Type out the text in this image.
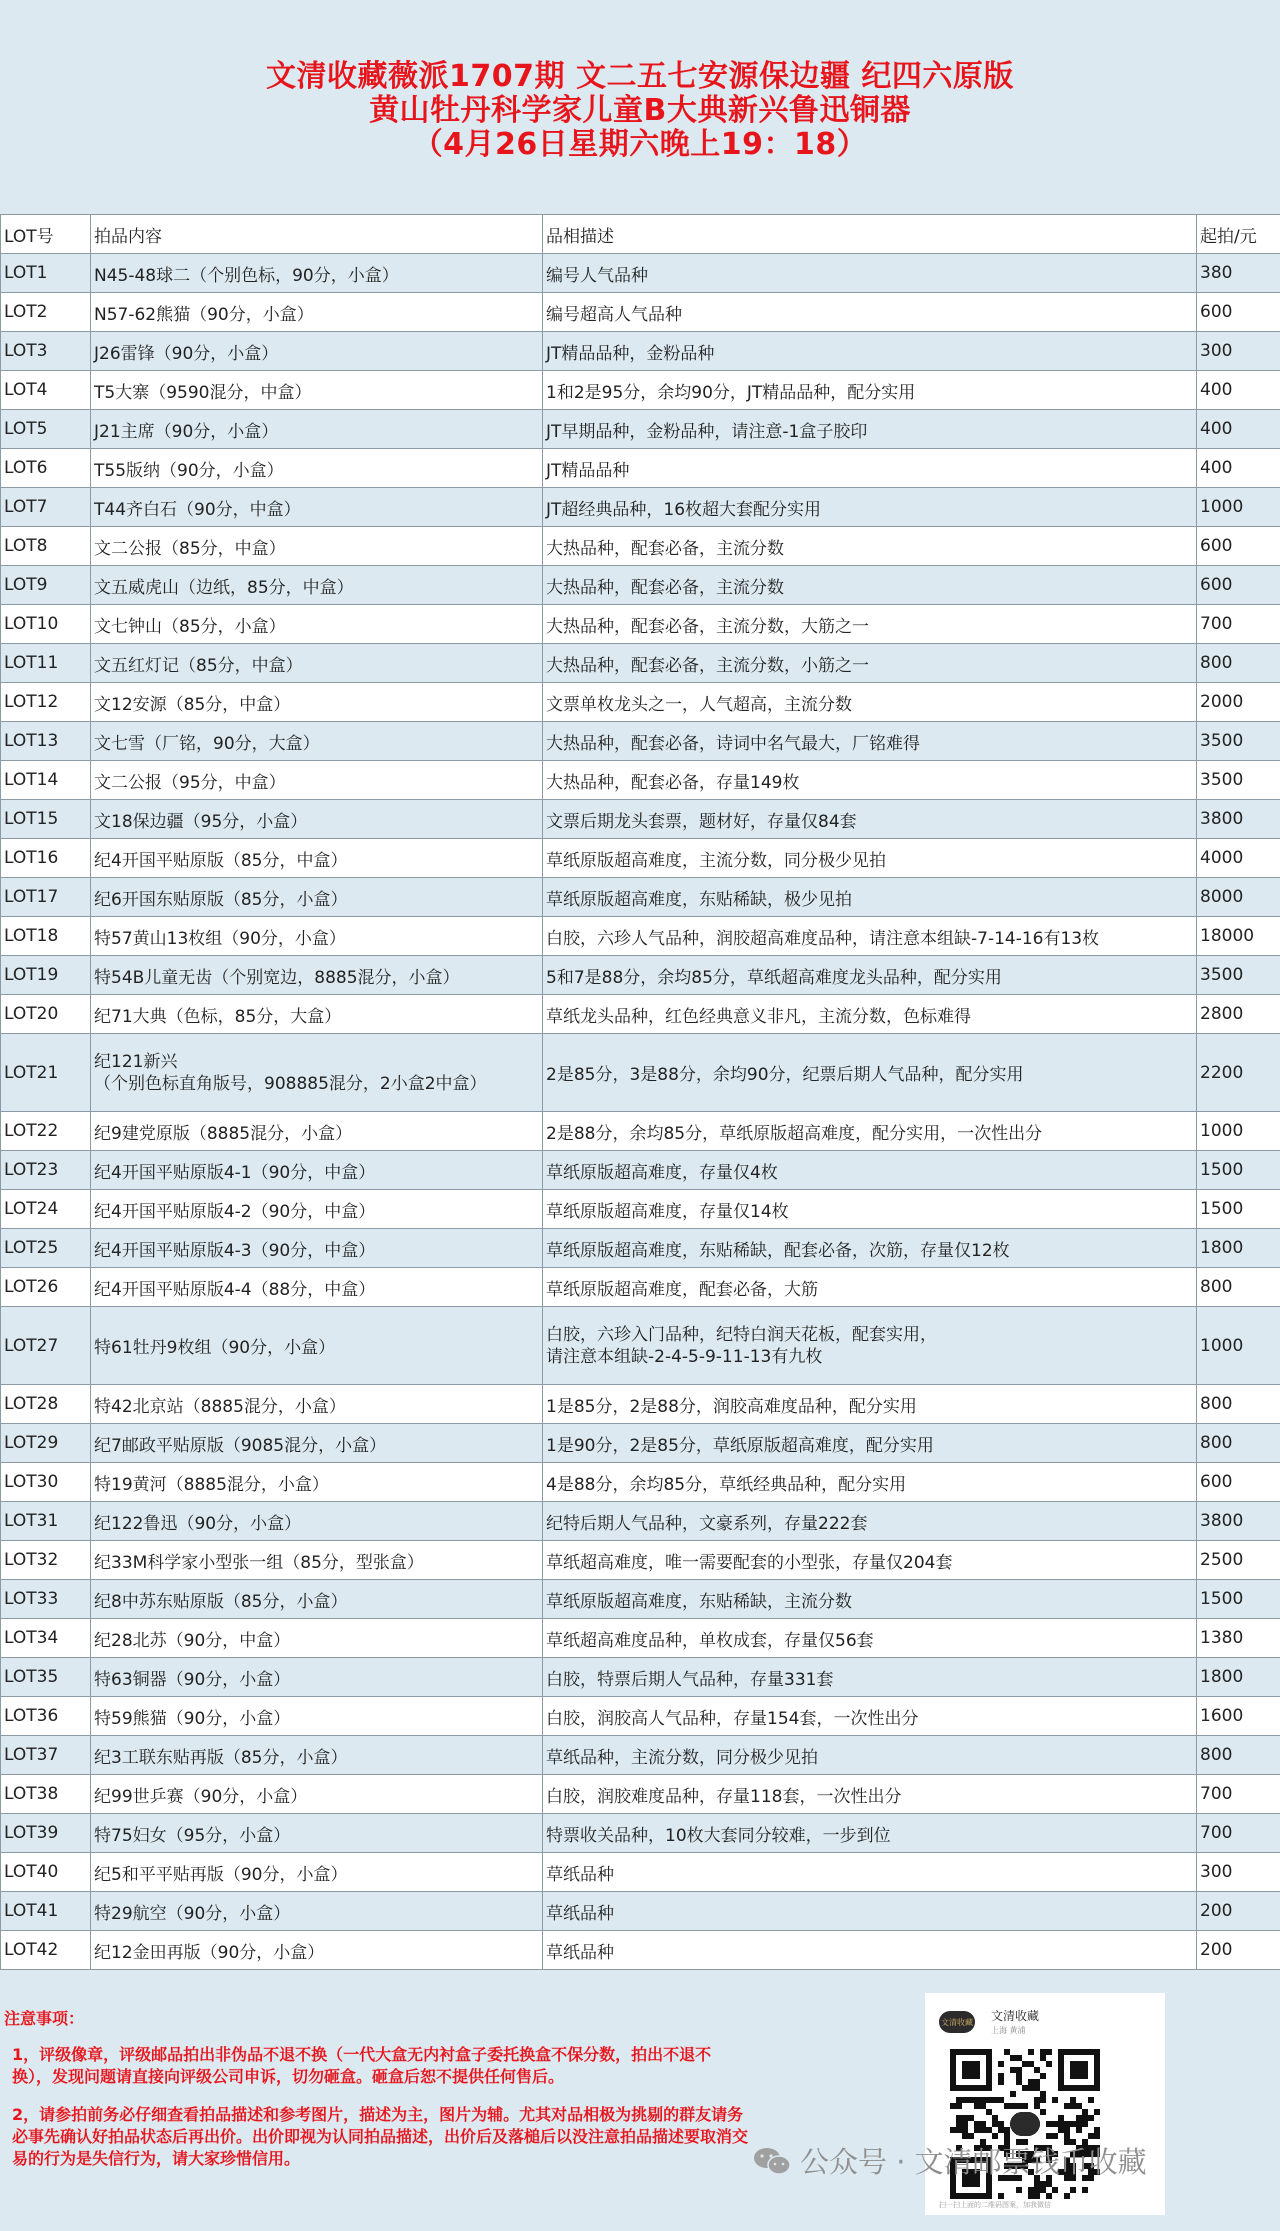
文清收藏薇派1707期 文二五七安源保边疆 纪四六原版
黄山牡丹科学家儿童B大典新兴鲁迅铜器
（4月26日星期六晚上19：18）
LOT号	拍品内容	品相描述	起拍/元
LOT1	N45-48球二（个别色标，90分，小盒）	编号人气品种	380
LOT2	N57-62熊猫（90分，小盒）	编号超高人气品种	600
LOT3	J26雷锋（90分，小盒）	JT精品品种，金粉品种	300
LOT4	T5大寨（9590混分，中盒）	1和2是95分，余均90分，JT精品品种，配分实用	400
LOT5	J21主席（90分，小盒）	JT早期品种，金粉品种，请注意-1盒子胶印	400
LOT6	T55版纳（90分，小盒）	JT精品品种	400
LOT7	T44齐白石（90分，中盒）	JT超经典品种，16枚超大套配分实用	1000
LOT8	文二公报（85分，中盒）	大热品种，配套必备，主流分数	600
LOT9	文五威虎山（边纸，85分，中盒）	大热品种，配套必备，主流分数	600
LOT10	文七钟山（85分，小盒）	大热品种，配套必备，主流分数，大筋之一	700
LOT11	文五红灯记（85分，中盒）	大热品种，配套必备，主流分数，小筋之一	800
LOT12	文12安源（85分，中盒）	文票单枚龙头之一，人气超高，主流分数	2000
LOT13	文七雪（厂铭，90分，大盒）	大热品种，配套必备，诗词中名气最大，厂铭难得	3500
LOT14	文二公报（95分，中盒）	大热品种，配套必备，存量149枚	3500
LOT15	文18保边疆（95分，小盒）	文票后期龙头套票，题材好，存量仅84套	3800
LOT16	纪4开国平贴原版（85分，中盒）	草纸原版超高难度，主流分数，同分极少见拍	4000
LOT17	纪6开国东贴原版（85分，小盒）	草纸原版超高难度，东贴稀缺，极少见拍	8000
LOT18	特57黄山13枚组（90分，小盒）	白胶，六珍人气品种，润胶超高难度品种，请注意本组缺-7-14-16有13枚	18000
LOT19	特54B儿童无齿（个别宽边，8885混分，小盒）	5和7是88分，余均85分，草纸超高难度龙头品种，配分实用	3500
LOT20	纪71大典（色标，85分，大盒）	草纸龙头品种，红色经典意义非凡，主流分数，色标难得	2800
LOT21	纪121新兴
（个别色标直角版号，908885混分，2小盒2中盒）	2是85分，3是88分，余均90分，纪票后期人气品种，配分实用	2200
LOT22	纪9建党原版（8885混分，小盒）	2是88分，余均85分，草纸原版超高难度，配分实用，一次性出分	1000
LOT23	纪4开国平贴原版4-1（90分，中盒）	草纸原版超高难度，存量仅4枚	1500
LOT24	纪4开国平贴原版4-2（90分，中盒）	草纸原版超高难度，存量仅14枚	1500
LOT25	纪4开国平贴原版4-3（90分，中盒）	草纸原版超高难度，东贴稀缺，配套必备，次筋，存量仅12枚	1800
LOT26	纪4开国平贴原版4-4（88分，中盒）	草纸原版超高难度，配套必备，大筋	800
LOT27	特61牡丹9枚组（90分，小盒）	白胶，六珍入门品种，纪特白润天花板，配套实用，
请注意本组缺-2-4-5-9-11-13有九枚	1000
LOT28	特42北京站（8885混分，小盒）	1是85分，2是88分，润胶高难度品种，配分实用	800
LOT29	纪7邮政平贴原版（9085混分，小盒）	1是90分，2是85分，草纸原版超高难度，配分实用	800
LOT30	特19黄河（8885混分，小盒）	4是88分，余均85分，草纸经典品种，配分实用	600
LOT31	纪122鲁迅（90分，小盒）	纪特后期人气品种，文豪系列，存量222套	3800
LOT32	纪33M科学家小型张一组（85分，型张盒）	草纸超高难度，唯一需要配套的小型张，存量仅204套	2500
LOT33	纪8中苏东贴原版（85分，小盒）	草纸原版超高难度，东贴稀缺，主流分数	1500
LOT34	纪28北苏（90分，中盒）	草纸超高难度品种，单枚成套，存量仅56套	1380
LOT35	特63铜器（90分，小盒）	白胶，特票后期人气品种，存量331套	1800
LOT36	特59熊猫（90分，小盒）	白胶，润胶高人气品种，存量154套，一次性出分	1600
LOT37	纪3工联东贴再版（85分，小盒）	草纸品种，主流分数，同分极少见拍	800
LOT38	纪99世乒赛（90分，小盒）	白胶，润胶难度品种，存量118套，一次性出分	700
LOT39	特75妇女（95分，小盒）	特票收关品种，10枚大套同分较难，一步到位	700
LOT40	纪5和平平贴再版（90分，小盒）	草纸品种	300
LOT41	特29航空（90分，小盒）	草纸品种	200
LOT42	纪12金田再版（90分，小盒）	草纸品种	200
注意事项：

1，评级像章，评级邮品拍出非伪品不退不换（一代大盒无内衬盒子委托换盒不保分数，拍出不退不换），发现问题请直接向评级公司申诉，切勿砸盒。砸盒后恕不提供任何售后。

2，请参拍前务必仔细查看拍品描述和参考图片，描述为主，图片为辅。尤其对品相极为挑剔的群友请务必事先确认好拍品状态后再出价。出价即视为认同拍品描述，出价后及落槌后以没注意拍品描述要取消交易的行为是失信行为，请大家珍惜信用。

文清收藏 文清收藏
上海 黄浦
扫一扫上面的二维码图案，加我微信
公众号 · 文清邮票钱币收藏
